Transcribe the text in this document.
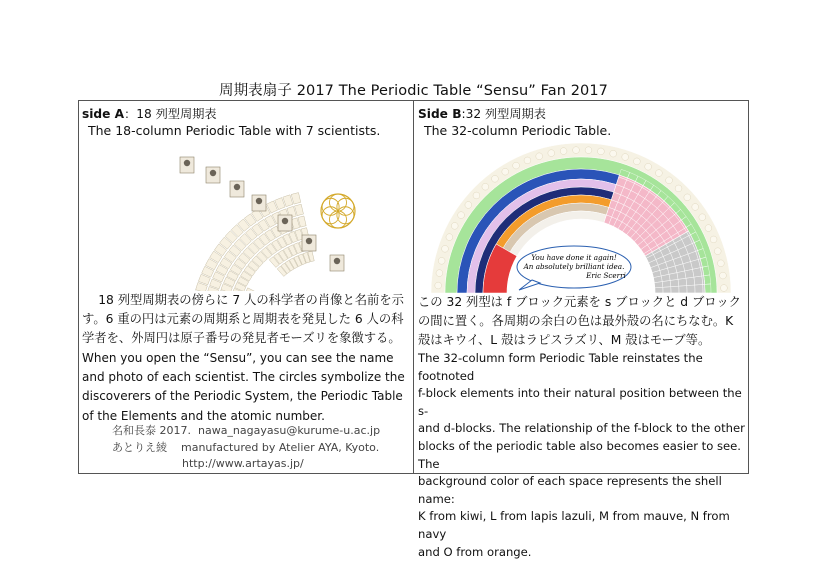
周期表扇子 2017 The Periodic Table “Sensu” Fan 2017
side A：18 列型周期表
The 18-column Periodic Table with 7 scientists.
　 18 列型周期表の傍らに 7 人の科学者の肖像と名前を示
す。6 重の円は元素の周期系と周期表を発見した 6 人の科
学者を、外周円は原子番号の発見者モーズリを象徴する。
When you open the “Sensu”, you can see the name
and photo of each scientist. The circles symbolize the
discoverers of the Periodic System, the Periodic Table
of the Elements and the atomic number.
名和長泰 2017.  nawa_nagayasu@kurume-u.ac.jp
あとりえ綾    manufactured by Atelier AYA, Kyoto.
http://www.artayas.jp/
Side B:32 列型周期表
The 32-column Periodic Table.
You have done it again!
An absolutely brilliant idea.
Eric Scerri
この 32 列型は f ブロック元素を s ブロックと d ブロック
の間に置く。各周期の余白の色は最外殻の名にちなむ。K
殻はキウイ、L 殻はラピスラズリ、M 殻はモーブ等。
The 32-column form Periodic Table reinstates the footnoted
f-block elements into their natural position between the s-
and d-blocks. The relationship of the f-block to the other
blocks of the periodic table also becomes easier to see. The
background color of each space represents the shell name:
K from kiwi, L from lapis lazuli, M from mauve, N from navy
and O from orange.
